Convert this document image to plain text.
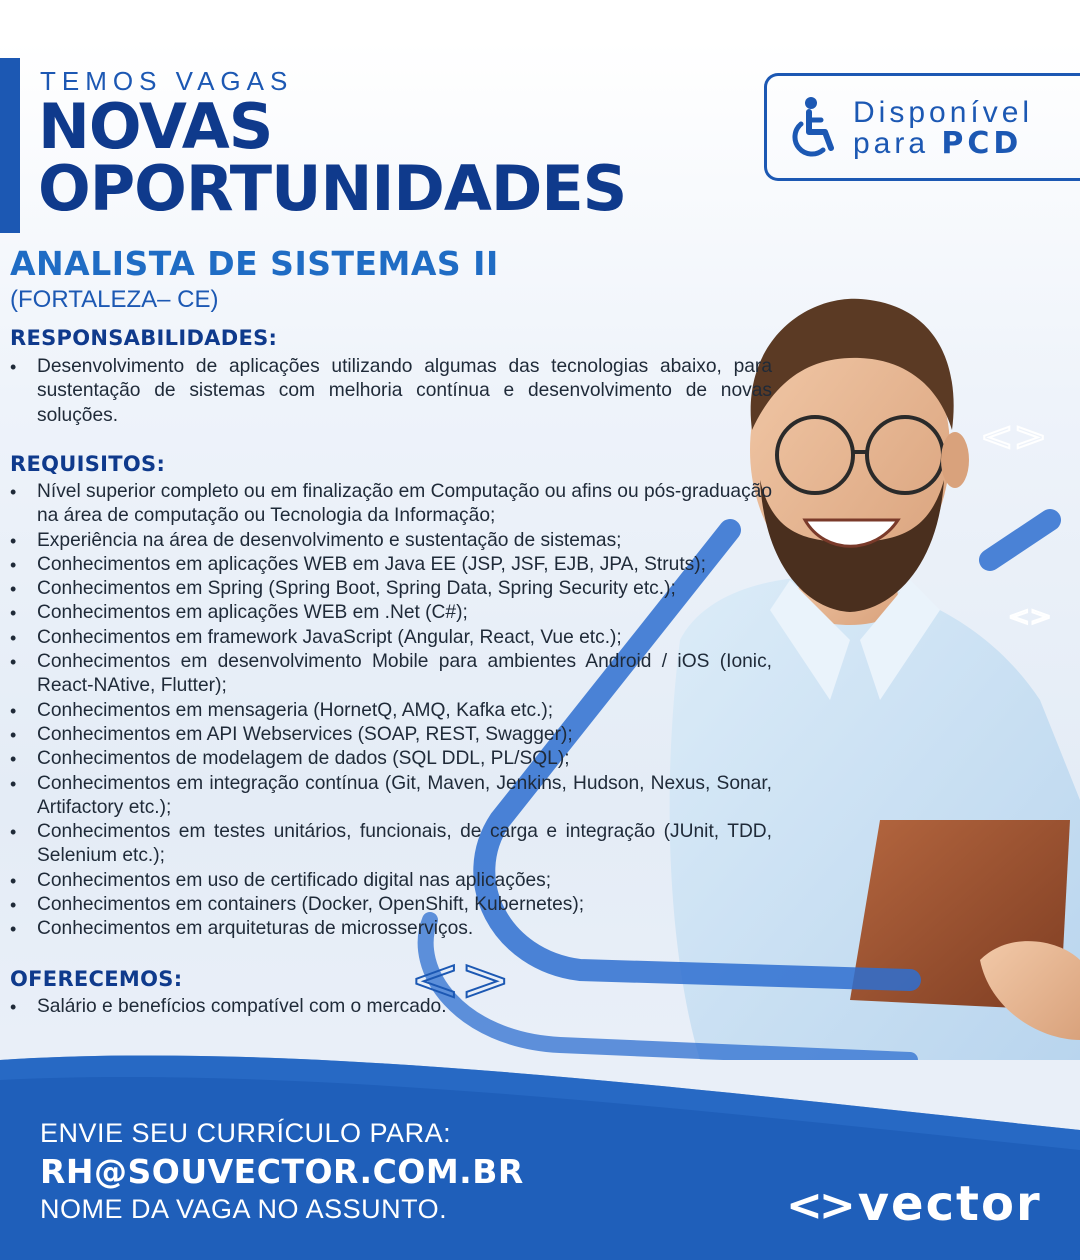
TEMOS VAGAS
NOVAS
OPORTUNIDADES
Disponível
para PCD
<>
<>
<>
ANALISTA DE SISTEMAS II
(FORTALEZA– CE)
RESPONSABILIDADES:
• Desenvolvimento de aplicações utilizando algumas das tecnologias abaixo, para sustentação de sistemas com melhoria contínua e desenvolvimento de novas soluções.
REQUISITOS:
• Nível superior completo ou em finalização em Computação ou afins ou pós-graduação na área de computação ou Tecnologia da Informação;
• Experiência na área de desenvolvimento e sustentação de sistemas;
• Conhecimentos em aplicações WEB em Java EE (JSP, JSF, EJB, JPA, Struts);
• Conhecimentos em Spring (Spring Boot, Spring Data, Spring Security etc.);
• Conhecimentos em aplicações WEB em .Net (C#);
• Conhecimentos em framework JavaScript (Angular, React, Vue etc.);
• Conhecimentos em desenvolvimento Mobile para ambientes Android / iOS (Ionic, React-NAtive, Flutter);
• Conhecimentos em mensageria (HornetQ, AMQ, Kafka etc.);
• Conhecimentos em API Webservices (SOAP, REST, Swagger);
• Conhecimentos de modelagem de dados (SQL DDL, PL/SQL);
• Conhecimentos em integração contínua (Git, Maven, Jenkins, Hudson, Nexus, Sonar, Artifactory etc.);
• Conhecimentos em testes unitários, funcionais, de carga e integração (JUnit, TDD, Selenium etc.);
• Conhecimentos em uso de certificado digital nas aplicações;
• Conhecimentos em containers (Docker, OpenShift, Kubernetes);
• Conhecimentos em arquiteturas de microsserviços.
OFERECEMOS:
• Salário e benefícios compatível com o mercado.
ENVIE SEU CURRÍCULO PARA:
RH@SOUVECTOR.COM.BR
NOME DA VAGA NO ASSUNTO.	<> vector
